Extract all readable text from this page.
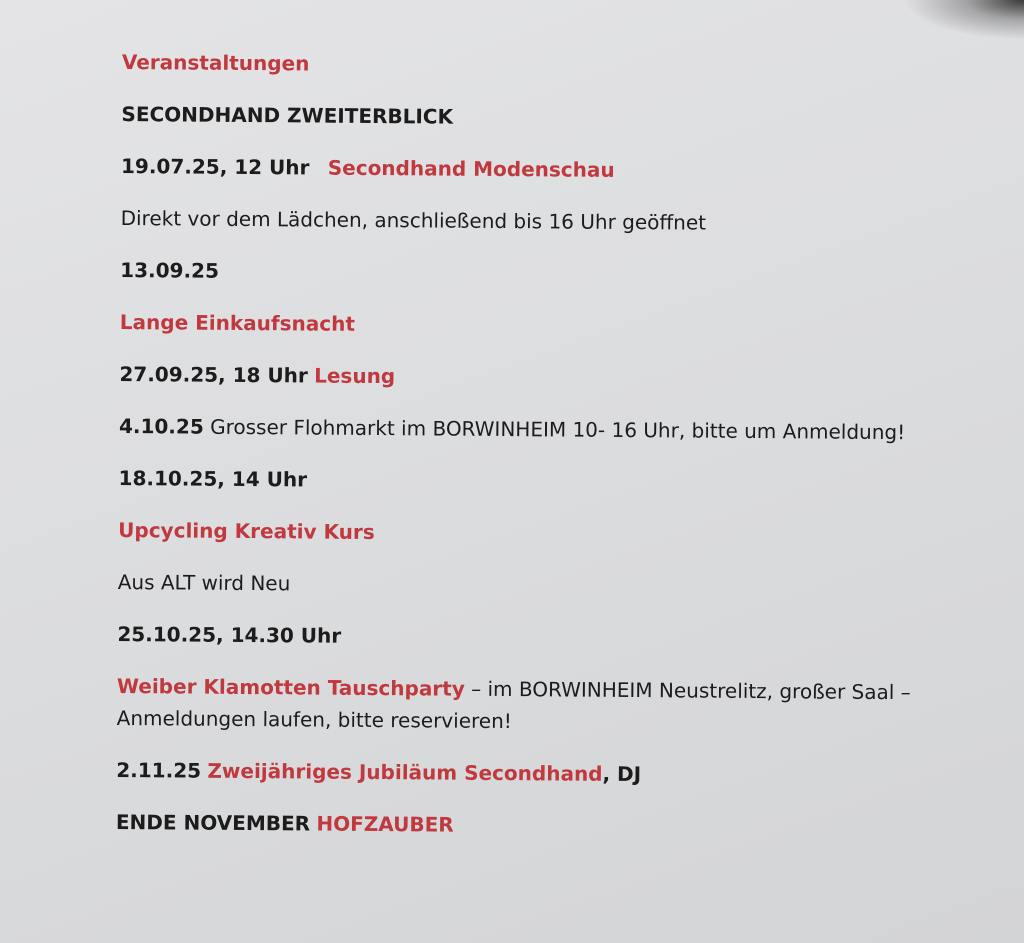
Veranstaltungen
SECONDHAND ZWEITERBLICK
19.07.25, 12 Uhr Secondhand Modenschau
Direkt vor dem Lädchen, anschließend bis 16 Uhr geöffnet
13.09.25
Lange Einkaufsnacht
27.09.25, 18 Uhr Lesung
4.10.25 Grosser Flohmarkt im BORWINHEIM 10- 16 Uhr, bitte um Anmeldung!
18.10.25, 14 Uhr
Upcycling Kreativ Kurs
Aus ALT wird Neu
25.10.25, 14.30 Uhr
Weiber Klamotten Tauschparty – im BORWINHEIM Neustrelitz, großer Saal – Anmeldungen laufen, bitte reservieren!
2.11.25 Zweijähriges Jubiläum Secondhand, DJ
ENDE NOVEMBER HOFZAUBER
